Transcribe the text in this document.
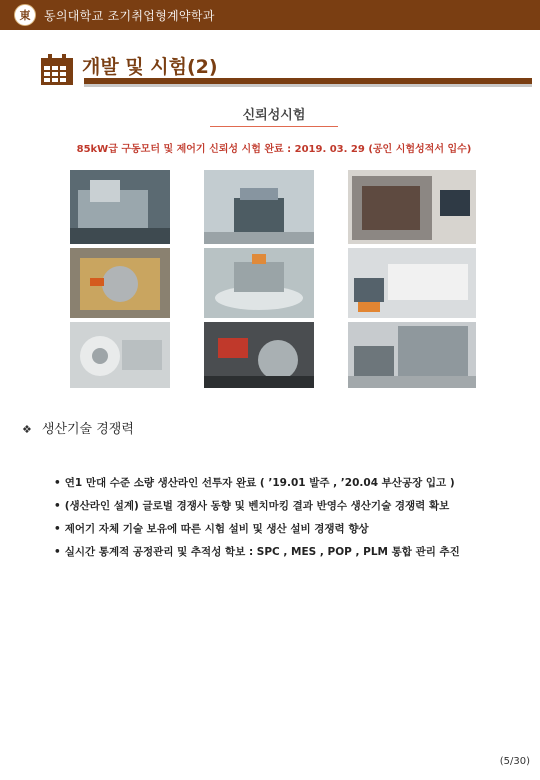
東 동의대학교 조기취업형계약학과
개발 및 시험(2)
신뢰성시험
85kW급 구동모터 및 제어기 신뢰성 시험 완료 : 2019. 03. 29 (공인 시험성적서 입수)
❖ 생산기술 경쟁력
• 연1 만대 수준 소량 생산라인 선투자 완료 ( ’19.01 발주 , ’20.04 부산공장 입고 )
• (생산라인 설계) 글로벌 경쟁사 동향 및 벤치마킹 결과 반영수 생산기술 경쟁력 확보
• 제어기 자체 기술 보유에 따른 시험 설비 및 생산 설비 경쟁력 향상
• 실시간 통계적 공정관리 및 추적성 학보 : SPC , MES , POP , PLM 통합 관리 추진
(5/30)
